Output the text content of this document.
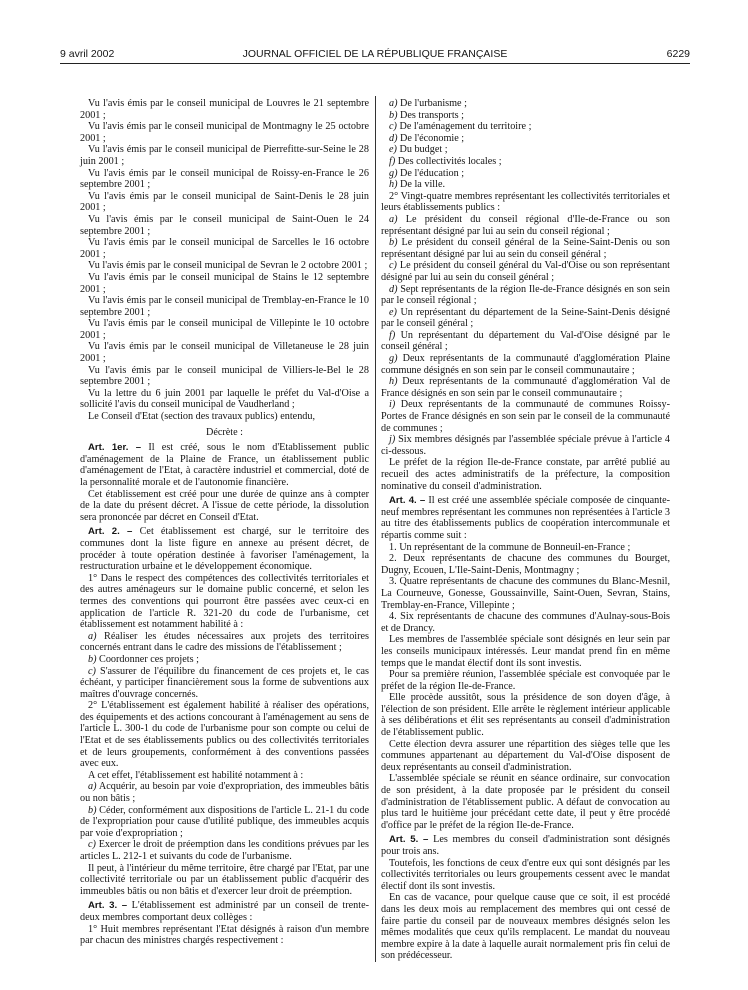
9 avril 2002	JOURNAL OFFICIEL DE LA RÉPUBLIQUE FRANÇAISE	6229

Vu l'avis émis par le conseil municipal de Louvres le 21 septembre 2001 ;

Vu l'avis émis par le conseil municipal de Montmagny le 25 octobre 2001 ;

Vu l'avis émis par le conseil municipal de Pierrefitte-sur-Seine le 28 juin 2001 ;

Vu l'avis émis par le conseil municipal de Roissy-en-France le 26 septembre 2001 ;

Vu l'avis émis par le conseil municipal de Saint-Denis le 28 juin 2001 ;

Vu l'avis émis par le conseil municipal de Saint-Ouen le 24 septembre 2001 ;

Vu l'avis émis par le conseil municipal de Sarcelles le 16 octobre 2001 ;

Vu l'avis émis par le conseil municipal de Sevran le 2 octobre 2001 ;

Vu l'avis émis par le conseil municipal de Stains le 12 septembre 2001 ;

Vu l'avis émis par le conseil municipal de Tremblay-en-France le 10 septembre 2001 ;

Vu l'avis émis par le conseil municipal de Villepinte le 10 octobre 2001 ;

Vu l'avis émis par le conseil municipal de Villetaneuse le 28 juin 2001 ;

Vu l'avis émis par le conseil municipal de Villiers-le-Bel le 28 septembre 2001 ;

Vu la lettre du 6 juin 2001 par laquelle le préfet du Val-d'Oise a sollicité l'avis du conseil municipal de Vaudherland ;

Le Conseil d'Etat (section des travaux publics) entendu,

Décrète :

Art. 1er. – Il est créé, sous le nom d'Etablissement public d'aménagement de la Plaine de France, un établissement public d'aménagement de l'Etat, à caractère industriel et commercial, doté de la personnalité morale et de l'autonomie financière.

Cet établissement est créé pour une durée de quinze ans à compter de la date du présent décret. A l'issue de cette période, la dissolution sera prononcée par décret en Conseil d'Etat.

Art. 2. – Cet établissement est chargé, sur le territoire des communes dont la liste figure en annexe au présent décret, de procéder à toute opération destinée à favoriser l'aménagement, la restructuration urbaine et le développement économique.

1° Dans le respect des compétences des collectivités territoriales et des autres aménageurs sur le domaine public concerné, et selon les termes des conventions qui pourront être passées avec ceux-ci en application de l'article R. 321-20 du code de l'urbanisme, cet établissement est notamment habilité à :

a) Réaliser les études nécessaires aux projets des territoires concernés entrant dans le cadre des missions de l'établissement ;

b) Coordonner ces projets ;

c) S'assurer de l'équilibre du financement de ces projets et, le cas échéant, y participer financièrement sous la forme de subventions aux maîtres d'ouvrage concernés.

2° L'établissement est également habilité à réaliser des opérations, des équipements et des actions concourant à l'aménagement au sens de l'article L. 300-1 du code de l'urbanisme pour son compte ou celui de l'Etat et de ses établissements publics ou des collectivités territoriales et de leurs groupements, conformément à des conventions passées avec eux.

A cet effet, l'établissement est habilité notamment à :

a) Acquérir, au besoin par voie d'expropriation, des immeubles bâtis ou non bâtis ;

b) Céder, conformément aux dispositions de l'article L. 21-1 du code de l'expropriation pour cause d'utilité publique, des immeubles acquis par voie d'expropriation ;

c) Exercer le droit de préemption dans les conditions prévues par les articles L. 212-1 et suivants du code de l'urbanisme.

Il peut, à l'intérieur du même territoire, être chargé par l'Etat, par une collectivité territoriale ou par un établissement public d'acquérir des immeubles bâtis ou non bâtis et d'exercer leur droit de préemption.

Art. 3. – L'établissement est administré par un conseil de trente-deux membres comportant deux collèges :

1° Huit membres représentant l'Etat désignés à raison d'un membre par chacun des ministres chargés respectivement :

a) De l'urbanisme ;

b) Des transports ;

c) De l'aménagement du territoire ;

d) De l'économie ;

e) Du budget ;

f) Des collectivités locales ;

g) De l'éducation ;

h) De la ville.

2° Vingt-quatre membres représentant les collectivités territoriales et leurs établissements publics :

a) Le président du conseil régional d'Ile-de-France ou son représentant désigné par lui au sein du conseil régional ;

b) Le président du conseil général de la Seine-Saint-Denis ou son représentant désigné par lui au sein du conseil général ;

c) Le président du conseil général du Val-d'Oise ou son représentant désigné par lui au sein du conseil général ;

d) Sept représentants de la région Ile-de-France désignés en son sein par le conseil régional ;

e) Un représentant du département de la Seine-Saint-Denis désigné par le conseil général ;

f) Un représentant du département du Val-d'Oise désigné par le conseil général ;

g) Deux représentants de la communauté d'agglomération Plaine commune désignés en son sein par le conseil communautaire ;

h) Deux représentants de la communauté d'agglomération Val de France désignés en son sein par le conseil communautaire ;

i) Deux représentants de la communauté de communes Roissy-Portes de France désignés en son sein par le conseil de la communauté de communes ;

j) Six membres désignés par l'assemblée spéciale prévue à l'article 4 ci-dessous.

Le préfet de la région Ile-de-France constate, par arrêté publié au recueil des actes administratifs de la préfecture, la composition nominative du conseil d'administration.

Art. 4. – Il est créé une assemblée spéciale composée de cinquante-neuf membres représentant les communes non représentées à l'article 3 au titre des établissements publics de coopération intercommunale et répartis comme suit :

1. Un représentant de la commune de Bonneuil-en-France ;

2. Deux représentants de chacune des communes du Bourget, Dugny, Ecouen, L'Ile-Saint-Denis, Montmagny ;

3. Quatre représentants de chacune des communes du Blanc-Mesnil, La Courneuve, Gonesse, Goussainville, Saint-Ouen, Sevran, Stains, Tremblay-en-France, Villepinte ;

4. Six représentants de chacune des communes d'Aulnay-sous-Bois et de Drancy.

Les membres de l'assemblée spéciale sont désignés en leur sein par les conseils municipaux intéressés. Leur mandat prend fin en même temps que le mandat électif dont ils sont investis.

Pour sa première réunion, l'assemblée spéciale est convoquée par le préfet de la région Ile-de-France.

Elle procède aussitôt, sous la présidence de son doyen d'âge, à l'élection de son président. Elle arrête le règlement intérieur applicable à ses délibérations et élit ses représentants au conseil d'administration de l'établissement public.

Cette élection devra assurer une répartition des sièges telle que les communes appartenant au département du Val-d'Oise disposent de deux représentants au conseil d'administration.

L'assemblée spéciale se réunit en séance ordinaire, sur convocation de son président, à la date proposée par le président du conseil d'administration de l'établissement public. A défaut de convocation au plus tard le huitième jour précédant cette date, il peut y être procédé d'office par le préfet de la région Ile-de-France.

Art. 5. – Les membres du conseil d'administration sont désignés pour trois ans.

Toutefois, les fonctions de ceux d'entre eux qui sont désignés par les collectivités territoriales ou leurs groupements cessent avec le mandat électif dont ils sont investis.

En cas de vacance, pour quelque cause que ce soit, il est procédé dans les deux mois au remplacement des membres qui ont cessé de faire partie du conseil par de nouveaux membres désignés selon les mêmes modalités que ceux qu'ils remplacent. Le mandat du nouveau membre expire à la date à laquelle aurait normalement pris fin celui de son prédécesseur.
